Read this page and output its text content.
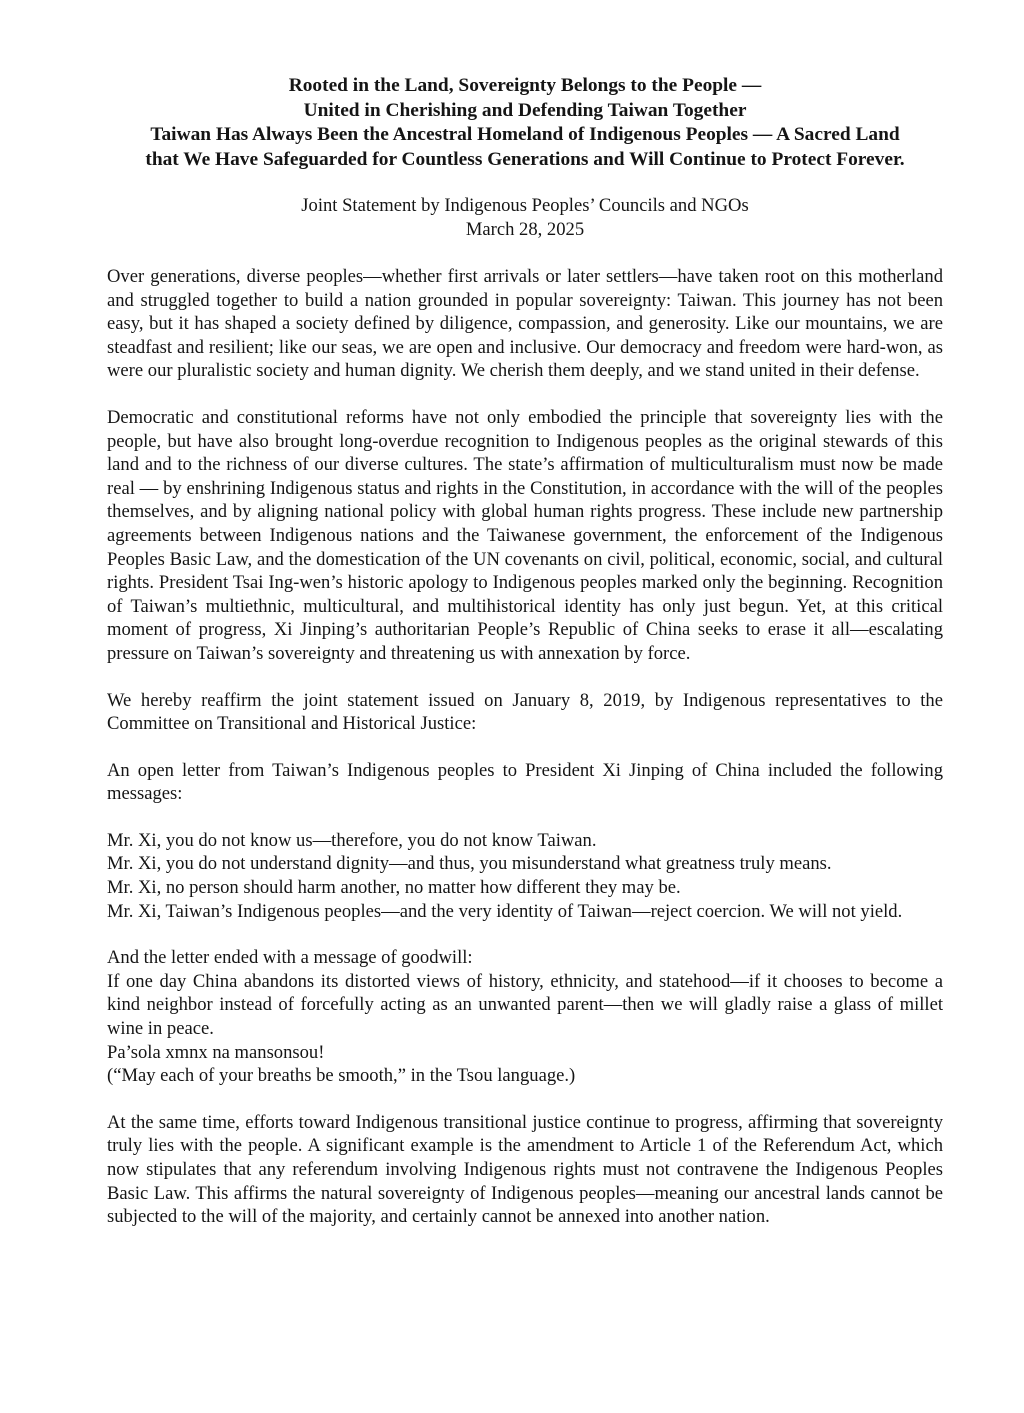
Rooted in the Land, Sovereignty Belongs to the People —
United in Cherishing and Defending Taiwan Together
Taiwan Has Always Been the Ancestral Homeland of Indigenous Peoples — A Sacred Land
that We Have Safeguarded for Countless Generations and Will Continue to Protect Forever.
Joint Statement by Indigenous Peoples’ Councils and NGOs
March 28, 2025

Over generations, diverse peoples—whether first arrivals or later settlers—have taken root on this motherland and struggled together to build a nation grounded in popular sovereignty: Taiwan. This journey has not been easy, but it has shaped a society defined by diligence, compassion, and generosity. Like our mountains, we are steadfast and resilient; like our seas, we are open and inclusive. Our democracy and freedom were hard-won, as were our pluralistic society and human dignity. We cherish them deeply, and we stand united in their defense.

Democratic and constitutional reforms have not only embodied the principle that sovereignty lies with the people, but have also brought long-overdue recognition to Indigenous peoples as the original stewards of this land and to the richness of our diverse cultures. The state’s affirmation of multiculturalism must now be made real — by enshrining Indigenous status and rights in the Constitution, in accordance with the will of the peoples themselves, and by aligning national policy with global human rights progress. These include new partnership agreements between Indigenous nations and the Taiwanese government, the enforcement of the Indigenous Peoples Basic Law, and the domestication of the UN covenants on civil, political, economic, social, and cultural rights. President Tsai Ing-wen’s historic apology to Indigenous peoples marked only the beginning. Recognition of Taiwan’s multiethnic, multicultural, and multihistorical identity has only just begun. Yet, at this critical moment of progress, Xi Jinping’s authoritarian People’s Republic of China seeks to erase it all—escalating pressure on Taiwan’s sovereignty and threatening us with annexation by force.

We hereby reaffirm the joint statement issued on January 8, 2019, by Indigenous representatives to the Committee on Transitional and Historical Justice:

An open letter from Taiwan’s Indigenous peoples to President Xi Jinping of China included the following messages:

Mr. Xi, you do not know us—therefore, you do not know Taiwan.
Mr. Xi, you do not understand dignity—and thus, you misunderstand what greatness truly means.
Mr. Xi, no person should harm another, no matter how different they may be.
Mr. Xi, Taiwan’s Indigenous peoples—and the very identity of Taiwan—reject coercion. We will not yield.
And the letter ended with a message of goodwill:
If one day China abandons its distorted views of history, ethnicity, and statehood—if it chooses to become a kind neighbor instead of forcefully acting as an unwanted parent—then we will gladly raise a glass of millet wine in peace.
Pa’sola xmnx na mansonsou!
(“May each of your breaths be smooth,” in the Tsou language.)

At the same time, efforts toward Indigenous transitional justice continue to progress, affirming that sovereignty truly lies with the people. A significant example is the amendment to Article 1 of the Referendum Act, which now stipulates that any referendum involving Indigenous rights must not contravene the Indigenous Peoples Basic Law. This affirms the natural sovereignty of Indigenous peoples—meaning our ancestral lands cannot be subjected to the will of the majority, and certainly cannot be annexed into another nation.
